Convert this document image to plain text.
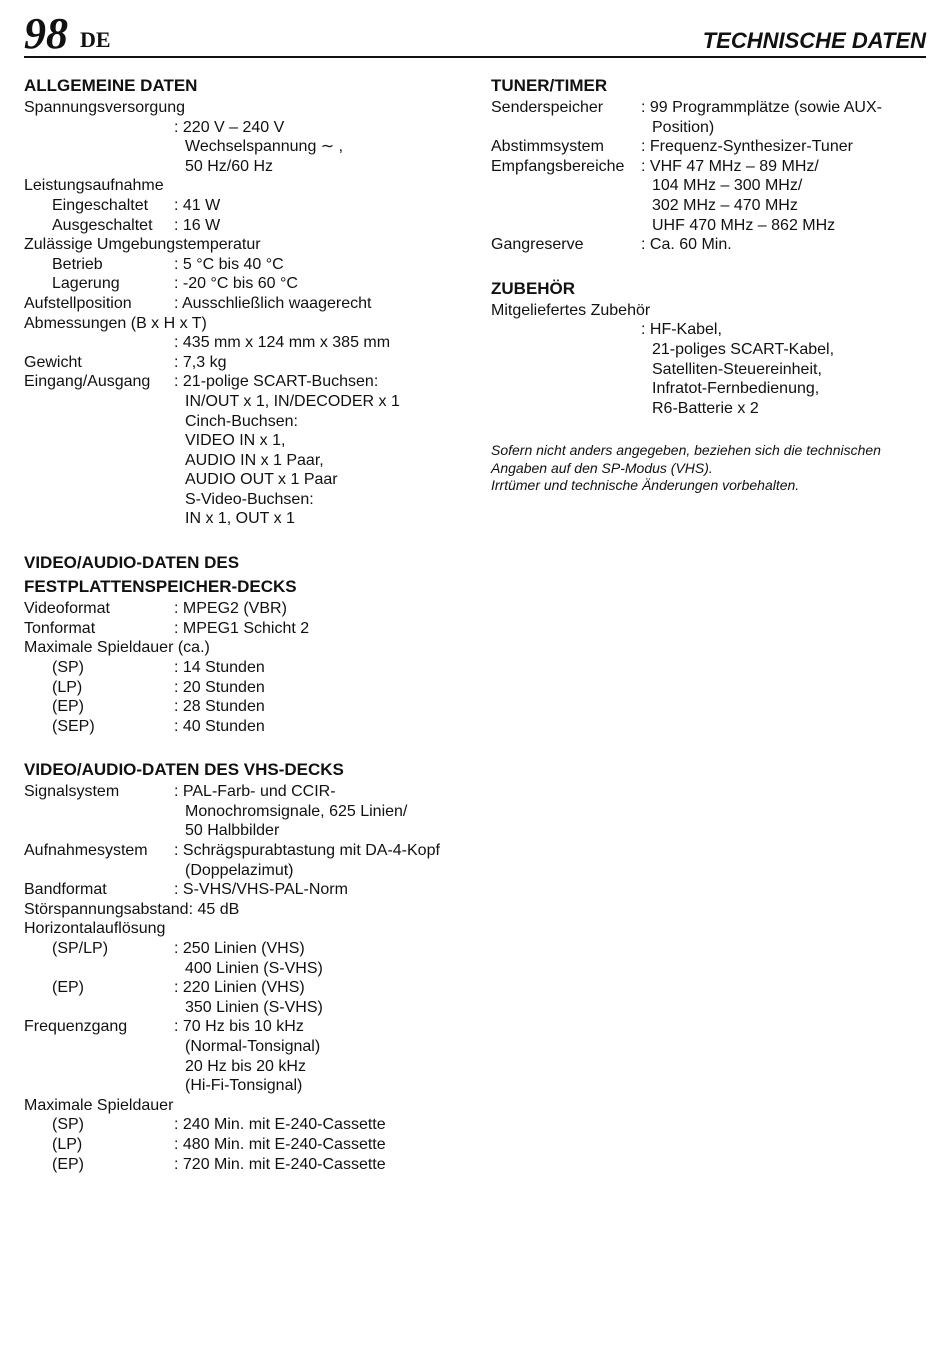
98 DE	TECHNISCHE DATEN
ALLGEMEINE DATEN
Spannungsversorgung

: 220 V – 240 V
Wechselspannung ∼ ,
50 Hz/60 Hz
Leistungsaufnahme
Eingeschaltet	: 41 W
Ausgeschaltet	: 16 W
Zulässige Umgebungstemperatur
Betrieb	: 5 °C bis 40 °C
Lagerung	: -20 °C bis 60 °C
Aufstellposition	: Ausschließlich waagerecht
Abmessungen (B x H x T)

: 435 mm x 124 mm x 385 mm
Gewicht	: 7,3 kg
Eingang/Ausgang	: 21-polige SCART-Buchsen:
IN/OUT x 1, IN/DECODER x 1
Cinch-Buchsen:
VIDEO IN x 1,
AUDIO IN x 1 Paar,
AUDIO OUT x 1 Paar
S-Video-Buchsen:
IN x 1, OUT x 1
VIDEO/AUDIO-DATEN DES
FESTPLATTENSPEICHER-DECKS
Videoformat	: MPEG2 (VBR)
Tonformat	: MPEG1 Schicht 2
Maximale Spieldauer (ca.)
(SP)	: 14 Stunden
(LP)	: 20 Stunden
(EP)	: 28 Stunden
(SEP)	: 40 Stunden
VIDEO/AUDIO-DATEN DES VHS-DECKS
Signalsystem	: PAL-Farb- und CCIR-
Monochromsignale, 625 Linien/
50 Halbbilder
Aufnahmesystem	: Schrägspurabtastung mit DA-4-Kopf
(Doppelazimut)
Bandformat	: S-VHS/VHS-PAL-Norm
Störspannungsabstand: 45 dB
Horizontalauflösung
(SP/LP)	: 250 Linien (VHS)
400 Linien (S-VHS)
(EP)	: 220 Linien (VHS)
350 Linien (S-VHS)
Frequenzgang	: 70 Hz bis 10 kHz
(Normal-Tonsignal)
20 Hz bis 20 kHz
(Hi-Fi-Tonsignal)
Maximale Spieldauer
(SP)	: 240 Min. mit E-240-Cassette
(LP)	: 480 Min. mit E-240-Cassette
(EP)	: 720 Min. mit E-240-Cassette
TUNER/TIMER
Senderspeicher	: 99 Programmplätze (sowie AUX-
Position)
Abstimmsystem	: Frequenz-Synthesizer-Tuner
Empfangsbereiche	: VHF 47 MHz – 89 MHz/
104 MHz – 300 MHz/
302 MHz – 470 MHz
UHF 470 MHz – 862 MHz
Gangreserve	: Ca. 60 Min.
ZUBEHÖR
Mitgeliefertes Zubehör

: HF-Kabel,
21-poliges SCART-Kabel,
Satelliten-Steuereinheit,
Infratot-Fernbedienung,
R6-Batterie x 2
Sofern nicht anders angegeben, beziehen sich die technischen
Angaben auf den SP-Modus (VHS).
Irrtümer und technische Änderungen vorbehalten.
